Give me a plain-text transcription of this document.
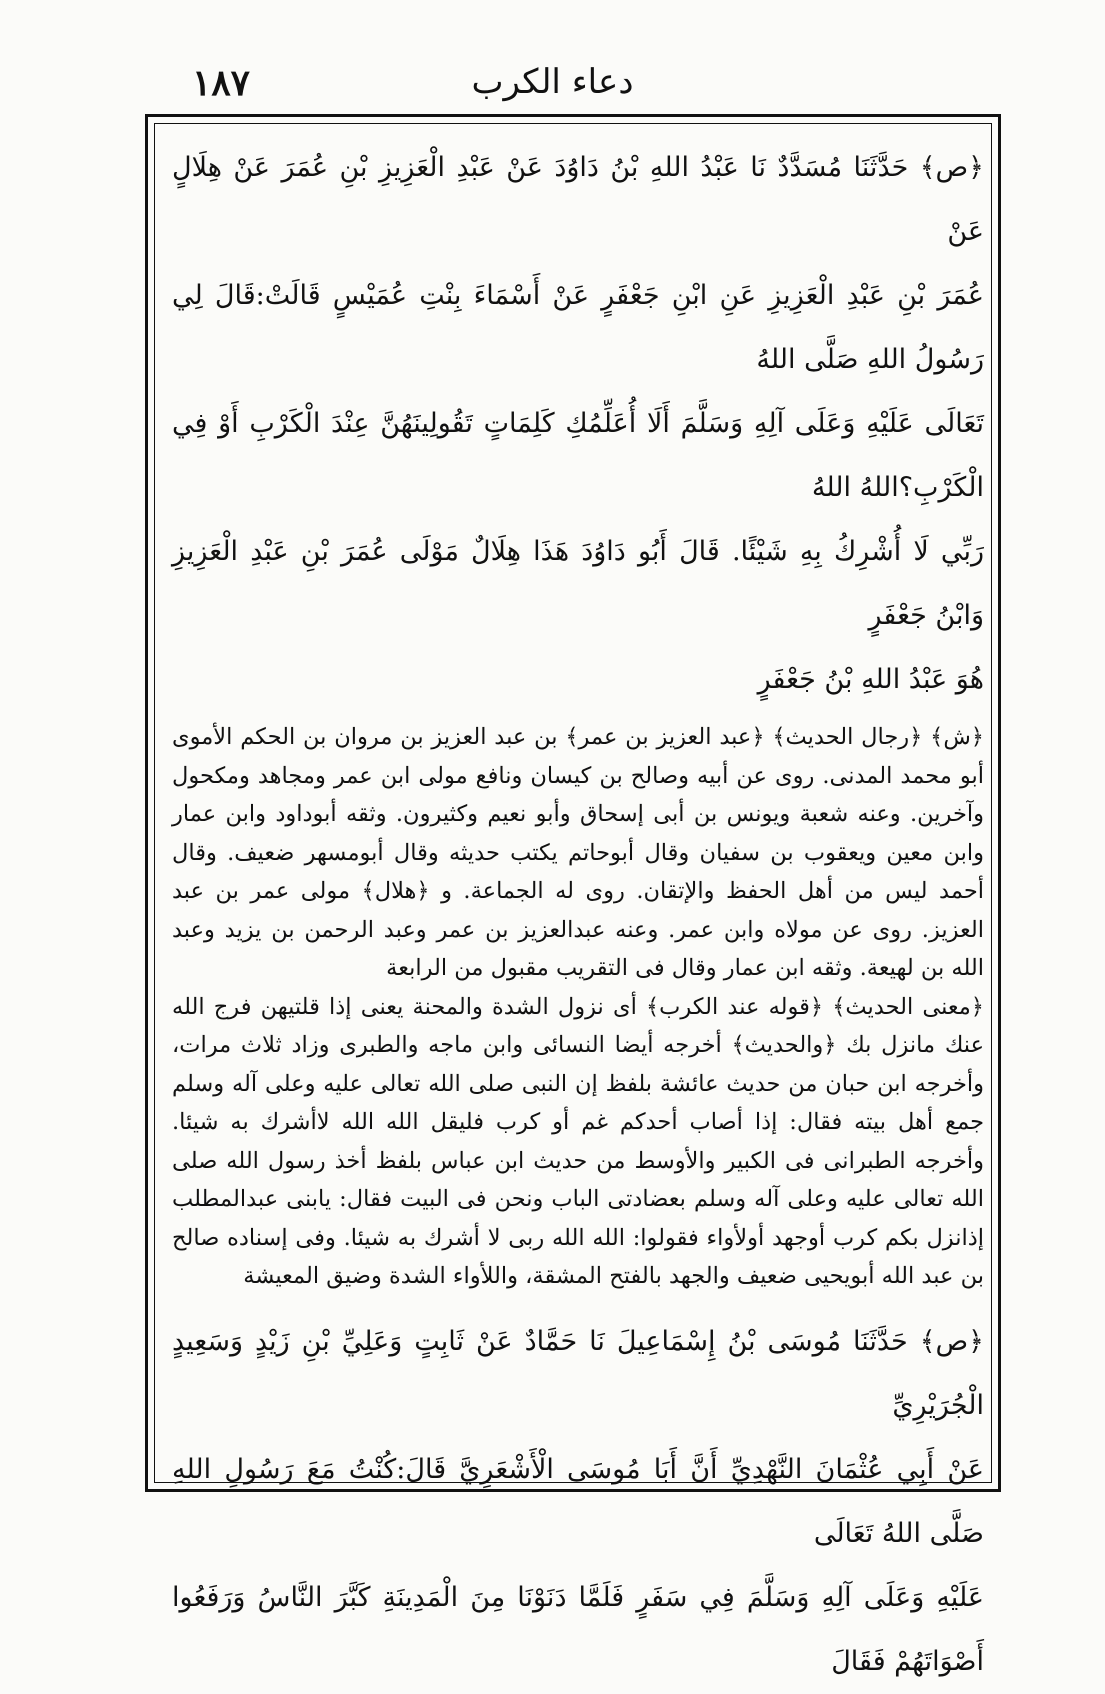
١٨٧	دعاء الكرب

﴿ص﴾ حَدَّثَنَا مُسَدَّدٌ نَا عَبْدُ اللهِ بْنُ دَاوُدَ عَنْ عَبْدِ الْعَزِيزِ بْنِ عُمَرَ عَنْ هِلَالٍ عَنْ

عُمَرَ بْنِ عَبْدِ الْعَزِيزِ عَنِ ابْنِ جَعْفَرٍ عَنْ أَسْمَاءَ بِنْتِ عُمَيْسٍ قَالَتْ:قَالَ لِي رَسُولُ اللهِ صَلَّى اللهُ

تَعَالَى عَلَيْهِ وَعَلَى آلِهِ وَسَلَّمَ أَلَا أُعَلِّمُكِ كَلِمَاتٍ تَقُولِينَهُنَّ عِنْدَ الْكَرْبِ أَوْ فِي الْكَرْبِ؟اللهُ اللهُ

رَبِّي لَا أُشْرِكُ بِهِ شَيْئًا. قَالَ أَبُو دَاوُدَ هَذَا هِلَالٌ مَوْلَى عُمَرَ بْنِ عَبْدِ الْعَزِيزِ وَابْنُ جَعْفَرٍ

هُوَ عَبْدُ اللهِ بْنُ جَعْفَرٍ

﴿ش﴾ ﴿رجال الحديث﴾ ﴿عبد العزيز بن عمر﴾ بن عبد العزيز بن مروان بن الحكم الأموى أبو محمد المدنى. روى عن أبيه وصالح بن كيسان ونافع مولى ابن عمر ومجاهد ومكحول وآخرين. وعنه شعبة ويونس بن أبى إسحاق وأبو نعيم وكثيرون. وثقه أبوداود وابن عمار وابن معين ويعقوب بن سفيان وقال أبوحاتم يكتب حديثه وقال أبومسهر ضعيف. وقال أحمد ليس من أهل الحفظ والإتقان. روى له الجماعة. و ﴿هلال﴾ مولى عمر بن عبد العزيز. روى عن مولاه وابن عمر. وعنه عبدالعزيز بن عمر وعبد الرحمن بن يزيد وعبد الله بن لهيعة. وثقه ابن عمار وقال فى التقريب مقبول من الرابعة

﴿معنى الحديث﴾ ﴿قوله عند الكرب﴾ أى نزول الشدة والمحنة يعنى إذا قلتيهن فرج الله عنك مانزل بك ﴿والحديث﴾ أخرجه أيضا النسائى وابن ماجه والطبرى وزاد ثلاث مرات، وأخرجه ابن حبان من حديث عائشة بلفظ إن النبى صلى الله تعالى عليه وعلى آله وسلم جمع أهل بيته فقال: إذا أصاب أحدكم غم أو كرب فليقل الله الله لاأشرك به شيئا. وأخرجه الطبرانى فى الكبير والأوسط من حديث ابن عباس بلفظ أخذ رسول الله صلى الله تعالى عليه وعلى آله وسلم بعضادتى الباب ونحن فى البيت فقال: يابنى عبدالمطلب إذانزل بكم كرب أوجهد أولأواء فقولوا: الله الله ربى لا أشرك به شيئا. وفى إسناده صالح بن عبد الله أبويحيى ضعيف والجهد بالفتح المشقة، واللأواء الشدة وضيق المعيشة

﴿ص﴾ حَدَّثَنَا مُوسَى بْنُ إِسْمَاعِيلَ نَا حَمَّادٌ عَنْ ثَابِتٍ وَعَلِيِّ بْنِ زَيْدٍ وَسَعِيدٍ الْجُرَيْرِيِّ

عَنْ أَبِي عُثْمَانَ النَّهْدِيِّ أَنَّ أَبَا مُوسَى الْأَشْعَرِيَّ قَالَ:كُنْتُ مَعَ رَسُولِ اللهِ صَلَّى اللهُ تَعَالَى

عَلَيْهِ وَعَلَى آلِهِ وَسَلَّمَ فِي سَفَرٍ فَلَمَّا دَنَوْنَا مِنَ الْمَدِينَةِ كَبَّرَ النَّاسُ وَرَفَعُوا أَصْوَاتَهُمْ فَقَالَ
